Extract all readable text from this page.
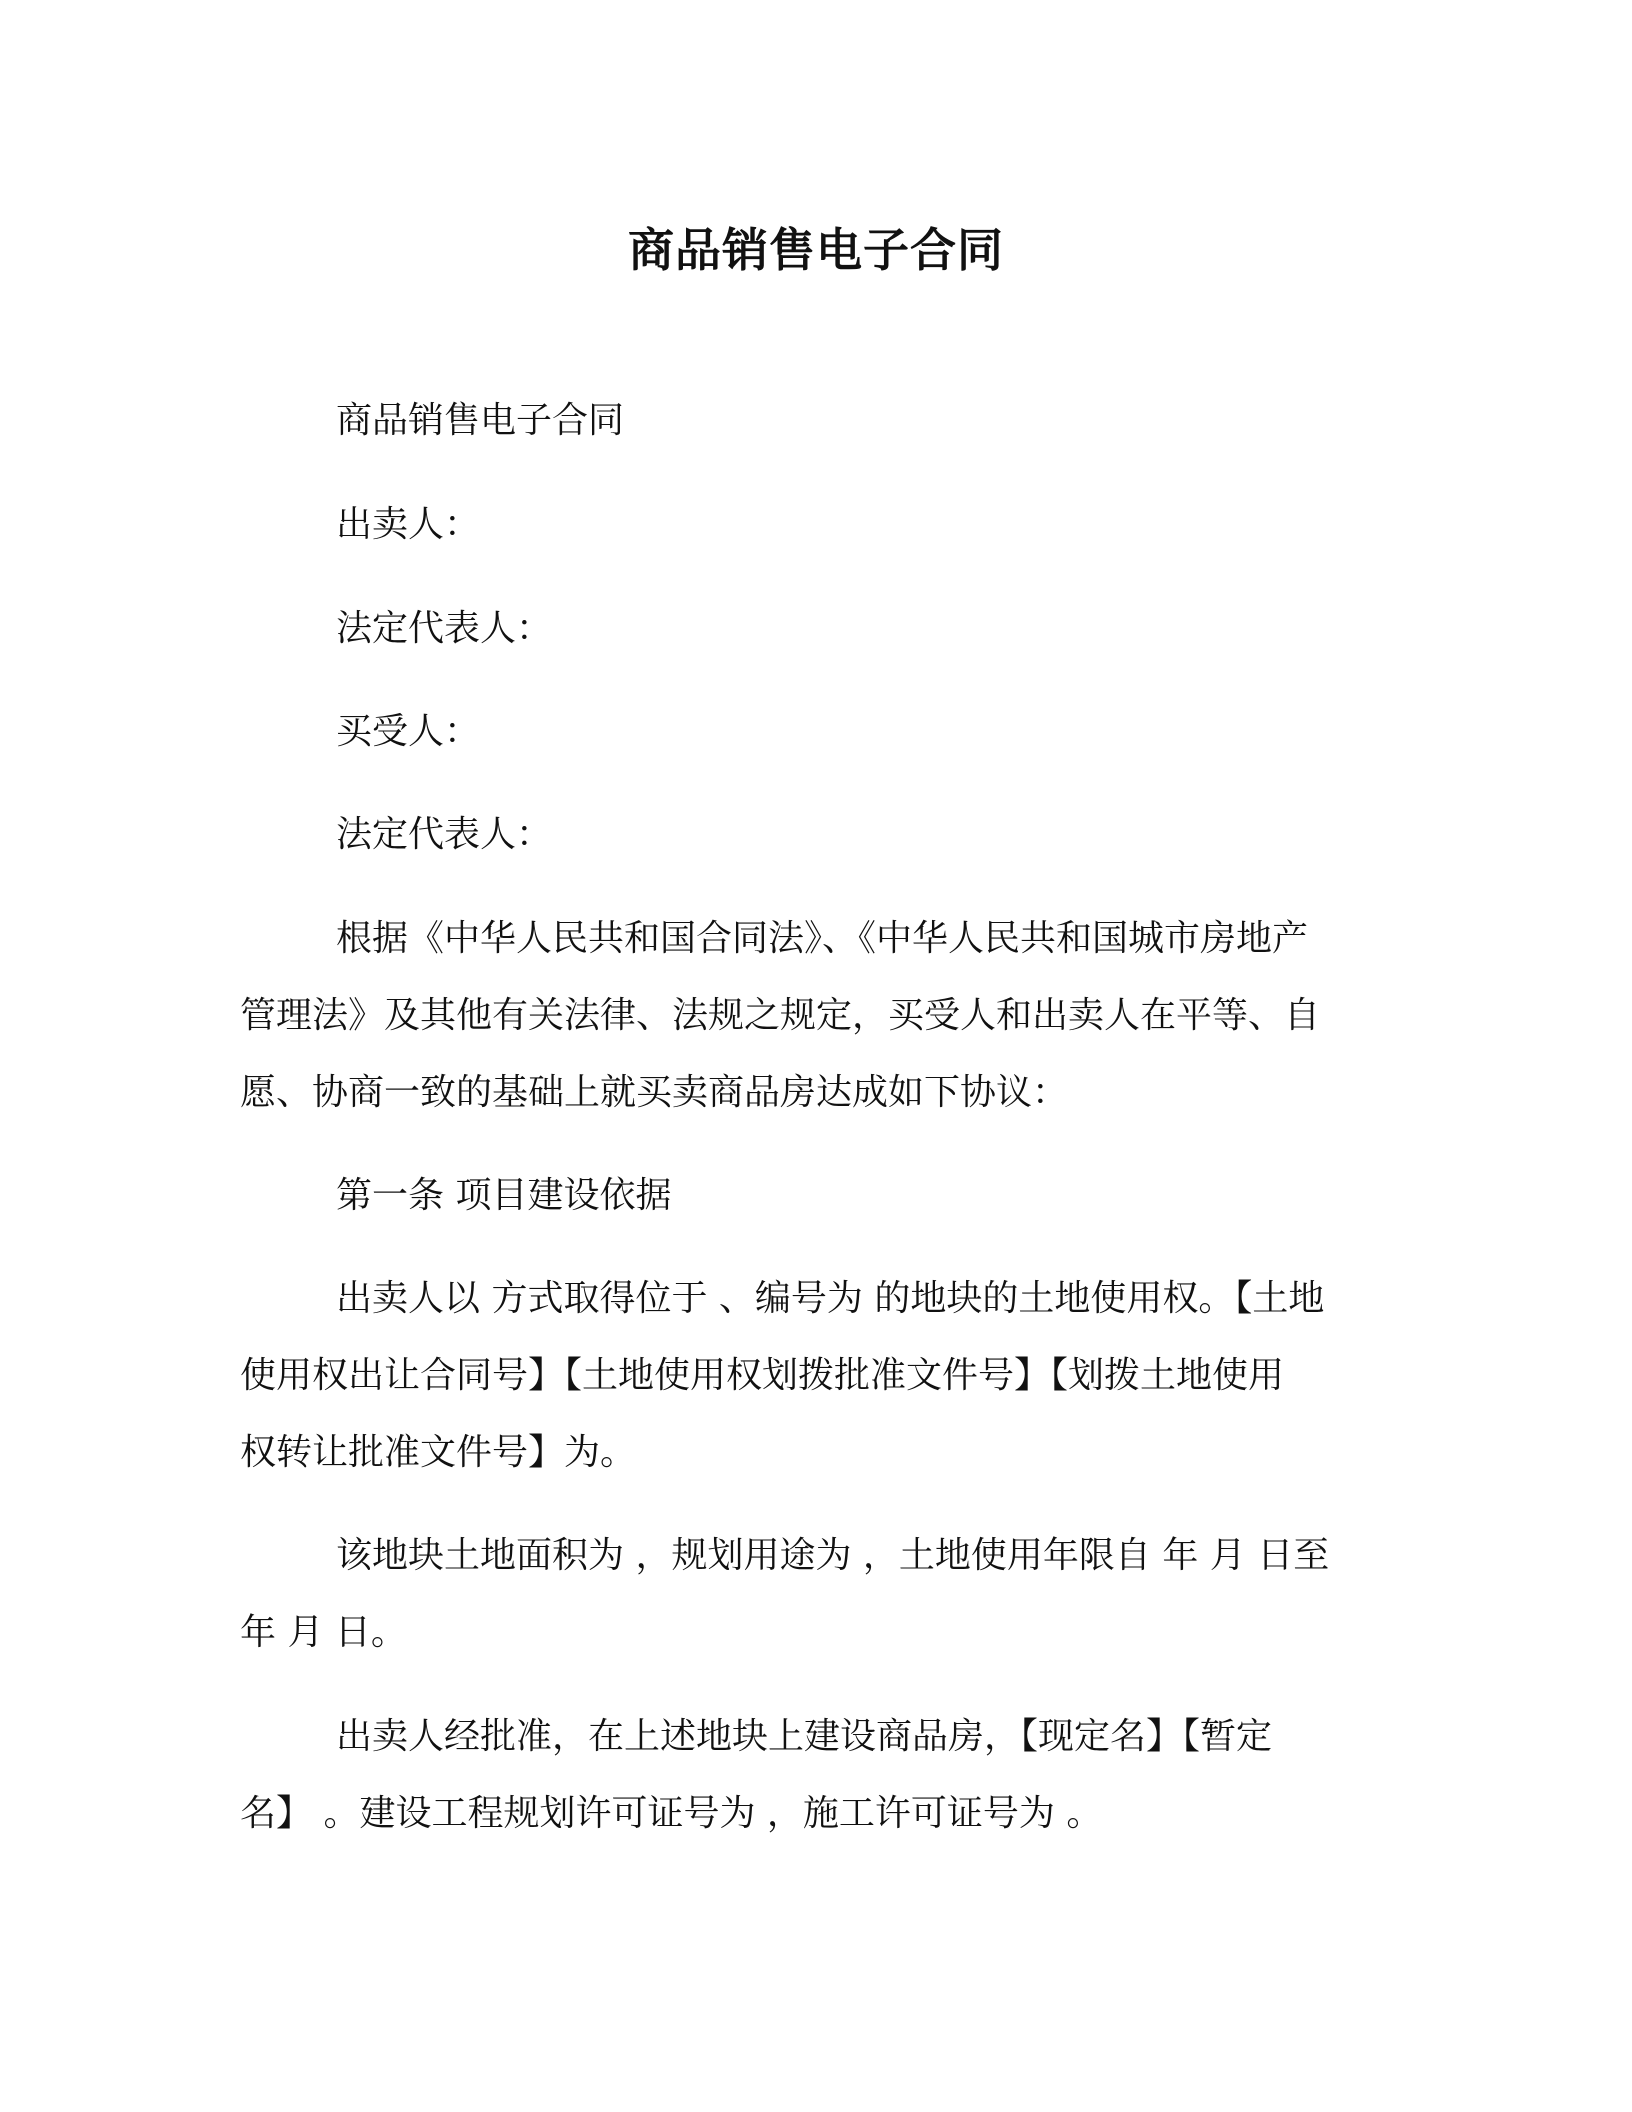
商品销售电子合同
商品销售电子合同
出卖人：
法定代表人：
买受人：
法定代表人：
根据《中华人民共和国合同法》、《中华人民共和国城市房地产
管理法》及其他有关法律、法规之规定，买受人和出卖人在平等、自
愿、协商一致的基础上就买卖商品房达成如下协议：
第一条 项目建设依据
出卖人以 方式取得位于 、编号为 的地块的土地使用权。【土地
使用权出让合同号】【土地使用权划拨批准文件号】【划拨土地使用
权转让批准文件号】为。
该地块土地面积为 ，规划用途为 ，土地使用年限自 年 月 日至
年 月 日。
出卖人经批准，在上述地块上建设商品房，【现定名】【暂定
名】 。建设工程规划许可证号为 ，施工许可证号为 。
